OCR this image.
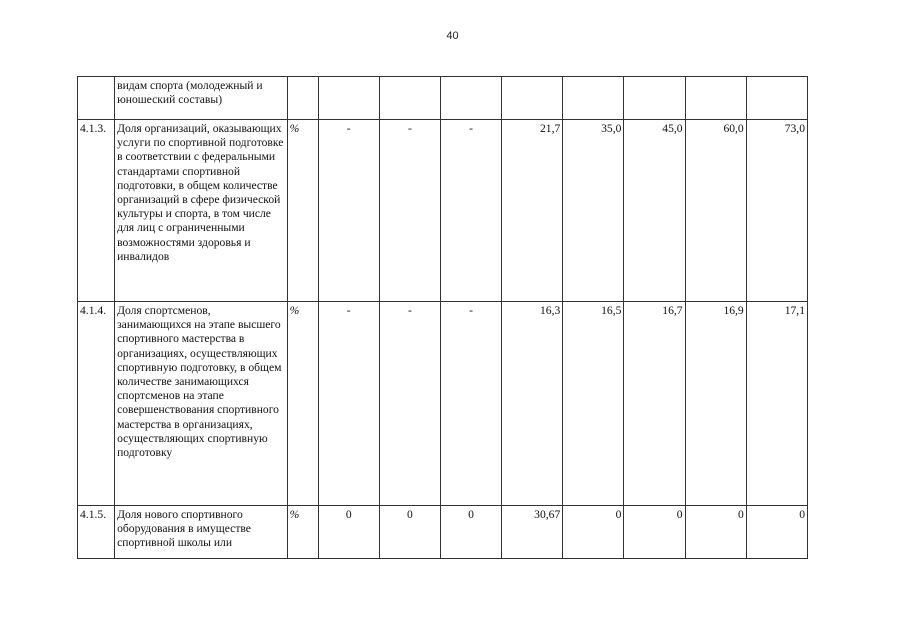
40
	видам спорта (молодежный и юношеский составы)									
4.1.3.	Доля организаций, оказывающих услуги по спортивной подготовке в соответствии с федеральными стандартами спортивной подготовки, в общем количестве организаций в сфере физической культуры и спорта, в том числе для лиц с ограниченными возможностями здоровья и инвалидов	%	-	-	-	21,7	35,0	45,0	60,0	73,0
4.1.4.	Доля спортсменов, занимающихся на этапе высшего спортивного мастерства в организациях, осуществляющих спортивную подготовку, в общем количестве занимающихся спортсменов на этапе совершенствования спортивного мастерства в организациях, осуществляющих спортивную подготовку	%	-	-	-	16,3	16,5	16,7	16,9	17,1
4.1.5.	Доля нового спортивного оборудования в имуществе спортивной школы или	%	0	0	0	30,67	0	0	0	0
